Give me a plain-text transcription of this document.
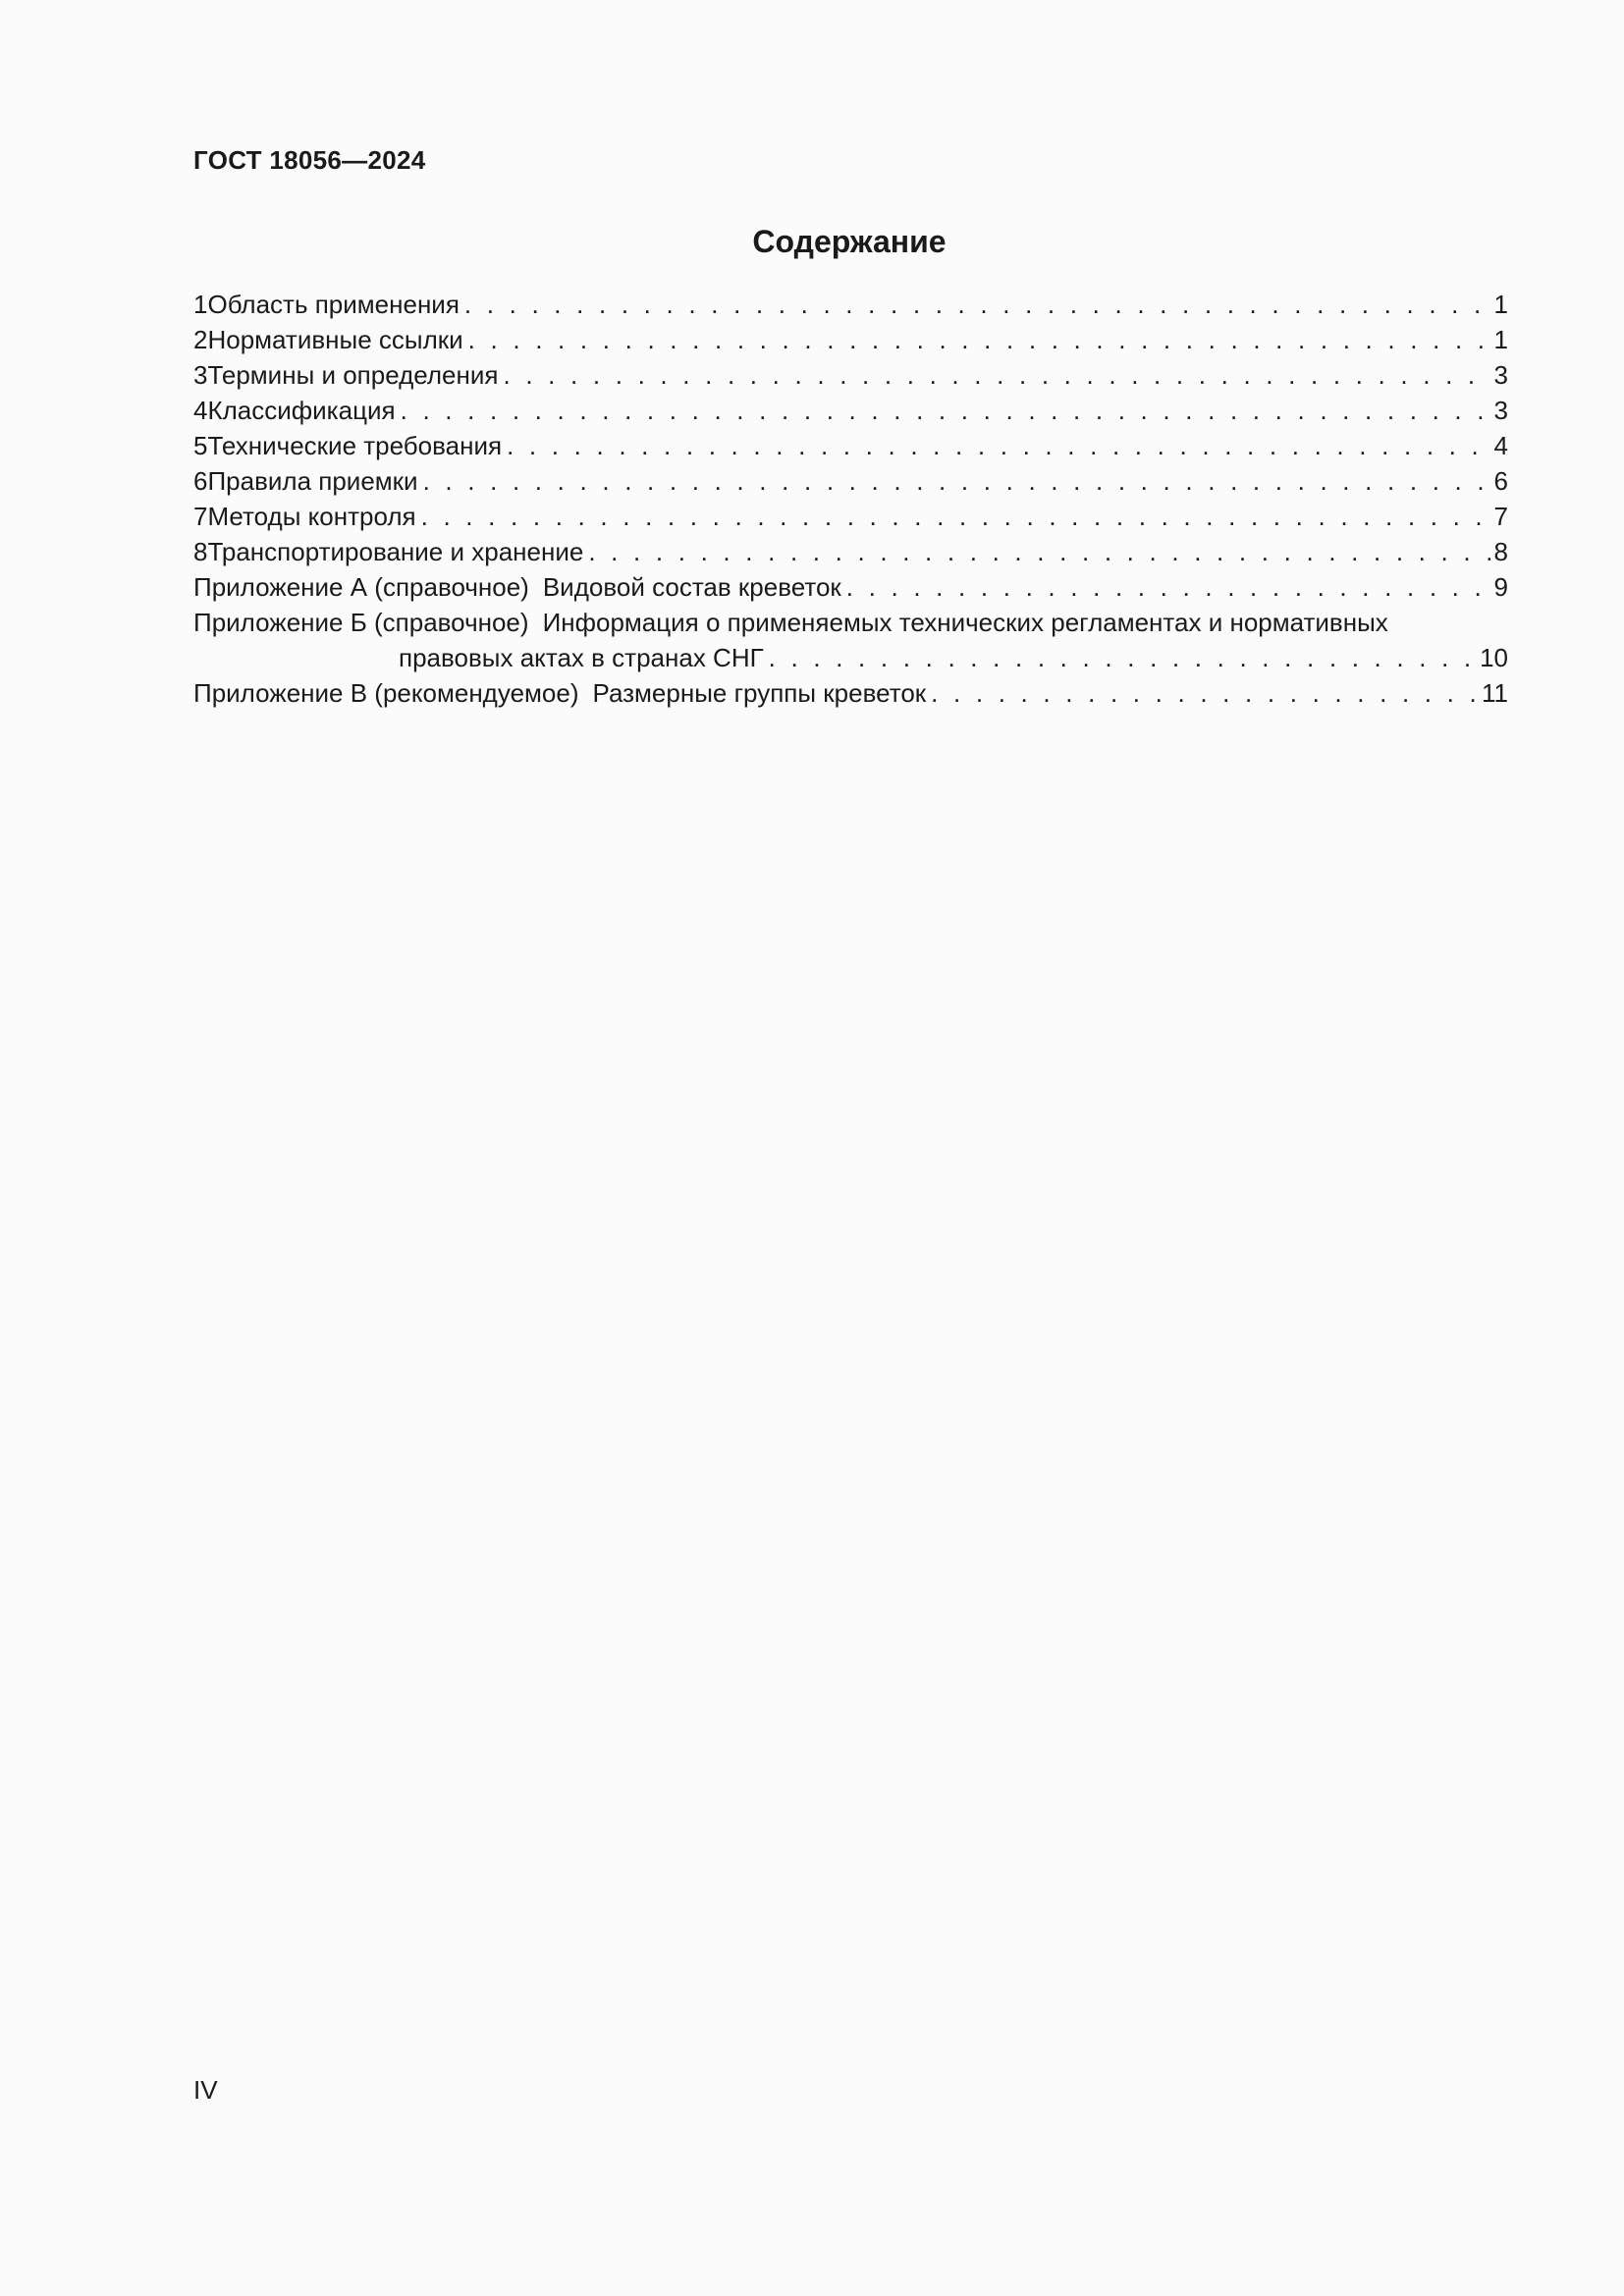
ГОСТ 18056—2024
Содержание
1 Область применения . . .	1
2 Нормативные ссылки . . .	1
3 Термины и определения . . .	3
4 Классификация . . .	3
5 Технические требования . . .	4
6 Правила приемки . . .	6
7 Методы контроля . . .	7
8 Транспортирование и хранение . . .	8
Приложение А (справочное) Видовой состав креветок . . .	9
Приложение Б (справочное) Информация о применяемых технических регламентах и нормативных
правовых актах в странах СНГ . . .	10
Приложение В (рекомендуемое) Размерные группы креветок . . .	11
IV
